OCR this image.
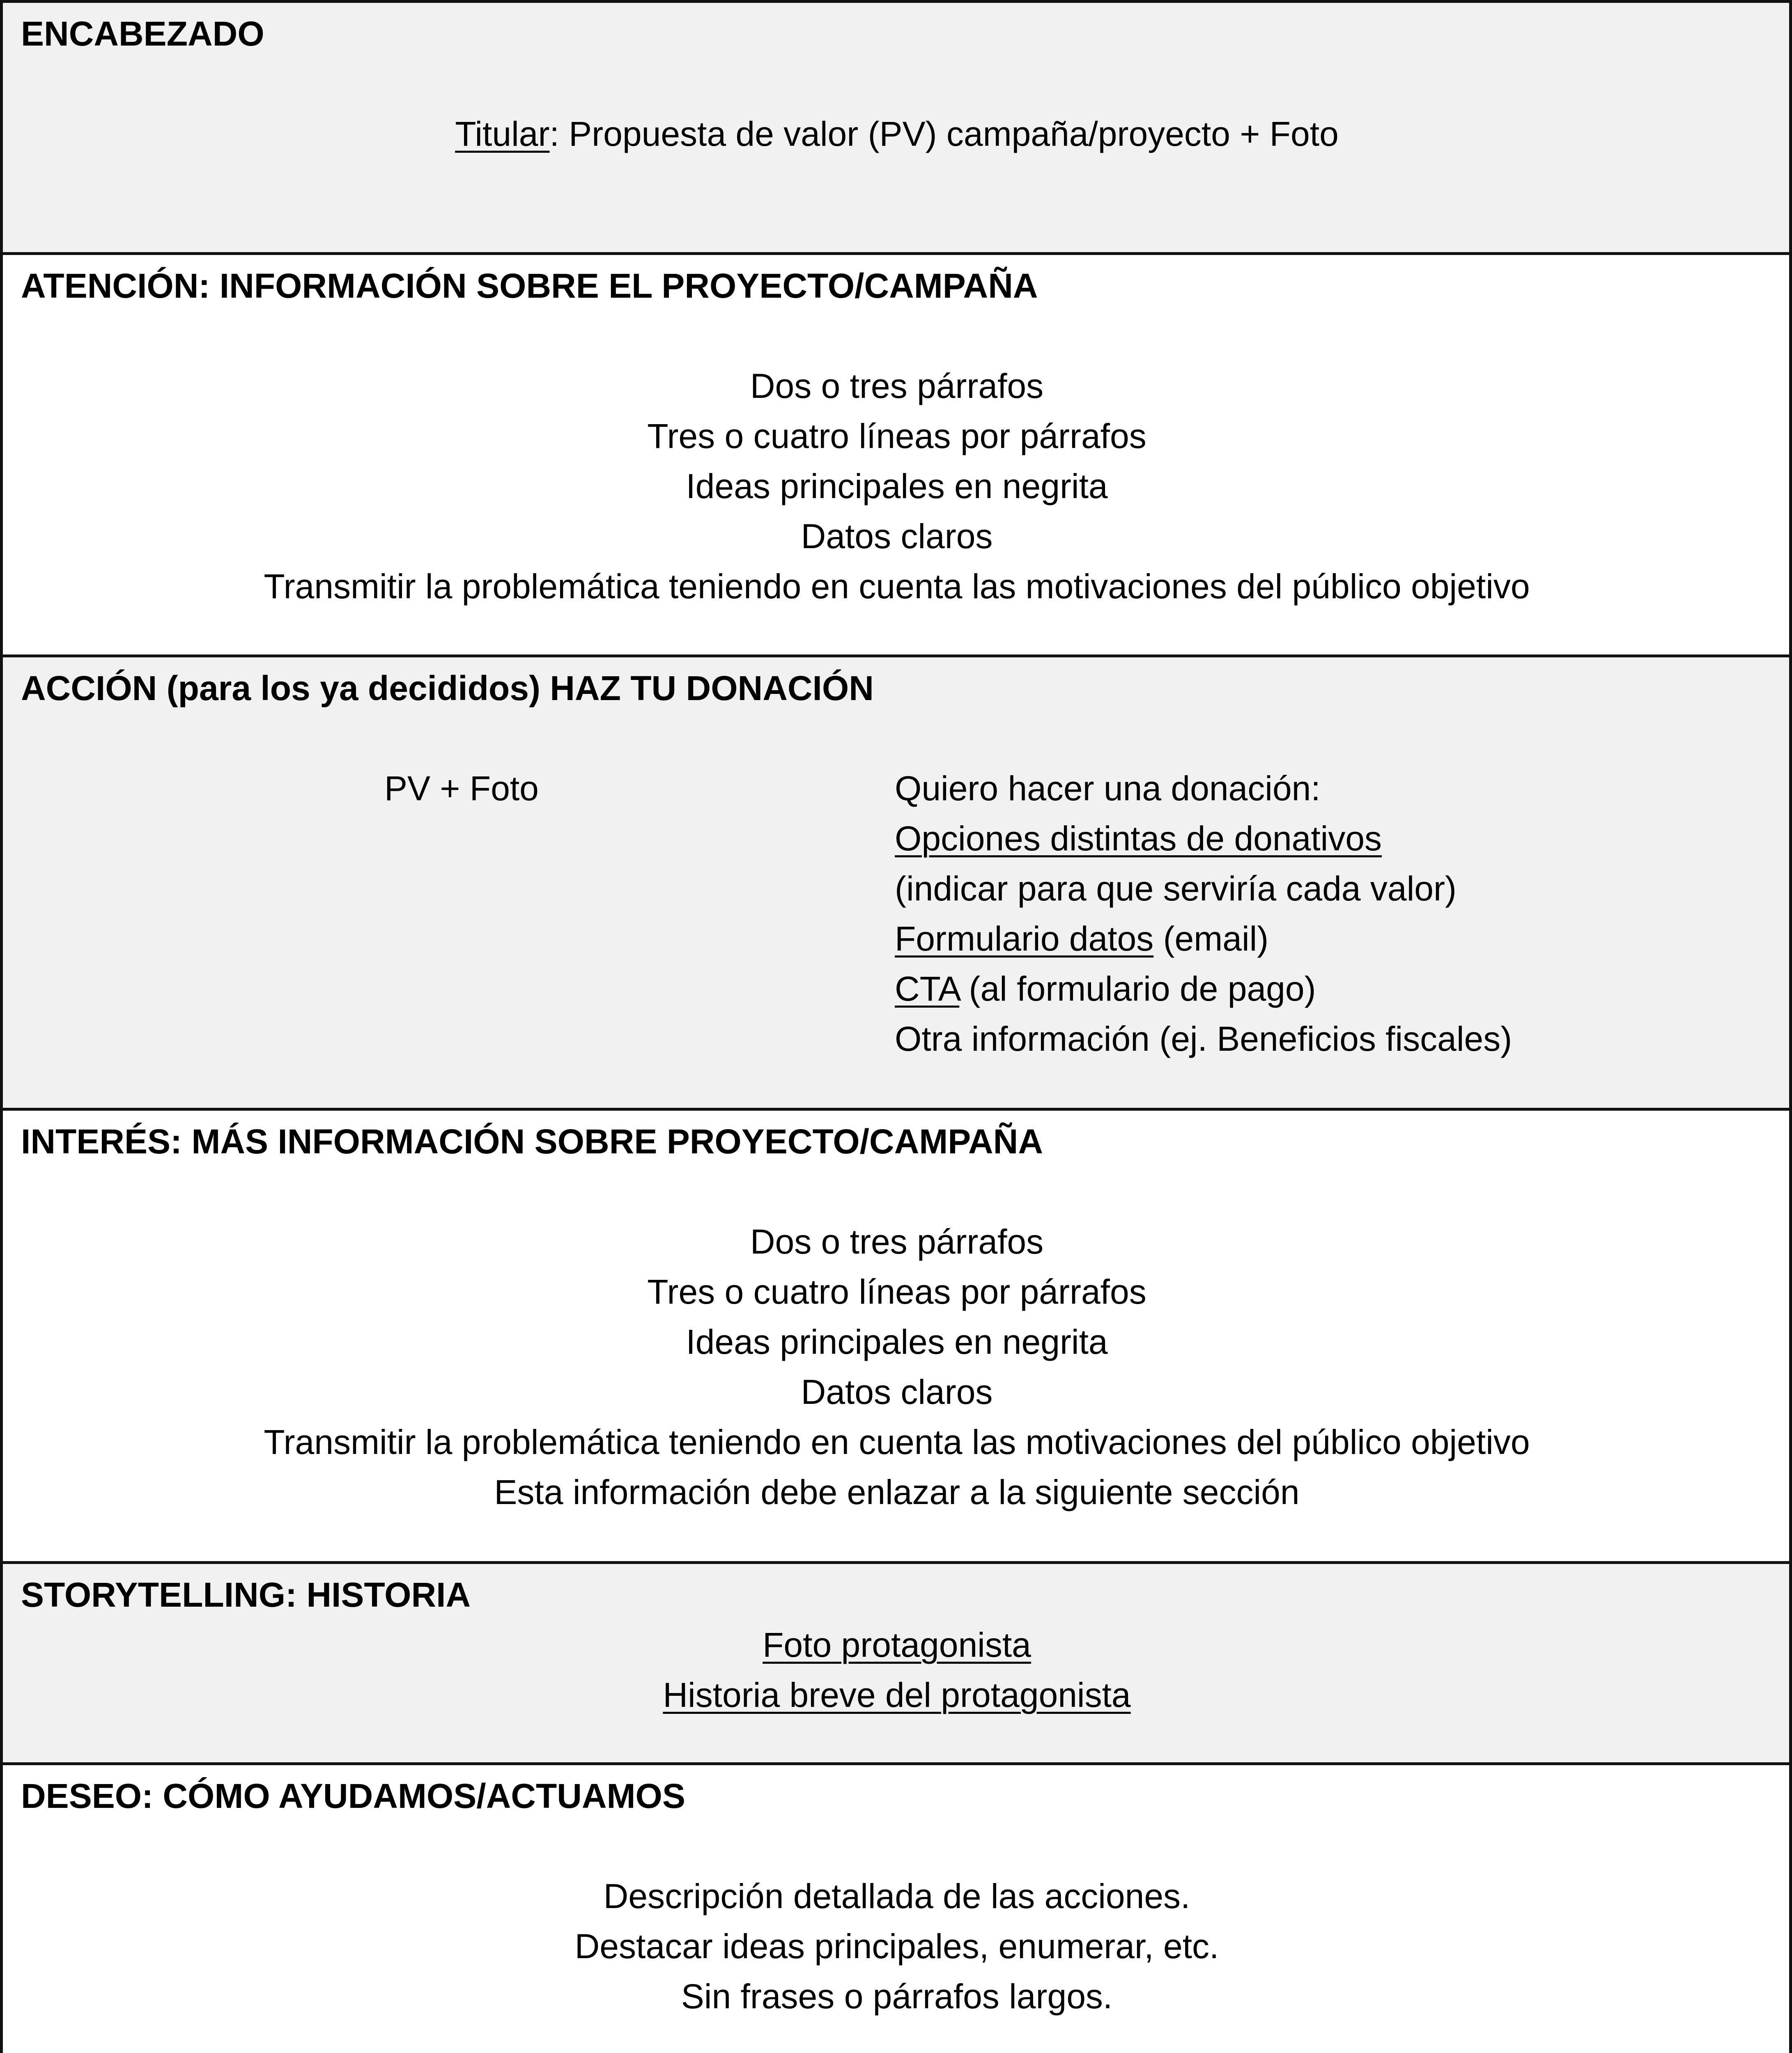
ENCABEZADO
Titular: Propuesta de valor (PV) campaña/proyecto + Foto
ATENCIÓN: INFORMACIÓN SOBRE EL PROYECTO/CAMPAÑA
Dos o tres párrafos
Tres o cuatro líneas por párrafos
Ideas principales en negrita
Datos claros
Transmitir la problemática teniendo en cuenta las motivaciones del público objetivo
ACCIÓN (para los ya decididos) HAZ TU DONACIÓN
PV + Foto	Quiero hacer una donación:
Opciones distintas de donativos
(indicar para que serviría cada valor)
Formulario datos (email)
CTA (al formulario de pago)
Otra información (ej. Beneficios fiscales)
INTERÉS: MÁS INFORMACIÓN SOBRE PROYECTO/CAMPAÑA
Dos o tres párrafos
Tres o cuatro líneas por párrafos
Ideas principales en negrita
Datos claros
Transmitir la problemática teniendo en cuenta las motivaciones del público objetivo
Esta información debe enlazar a la siguiente sección
STORYTELLING: HISTORIA
Foto protagonista
Historia breve del protagonista
DESEO: CÓMO AYUDAMOS/ACTUAMOS
Descripción detallada de las acciones.
Destacar ideas principales, enumerar, etc.
Sin frases o párrafos largos.
